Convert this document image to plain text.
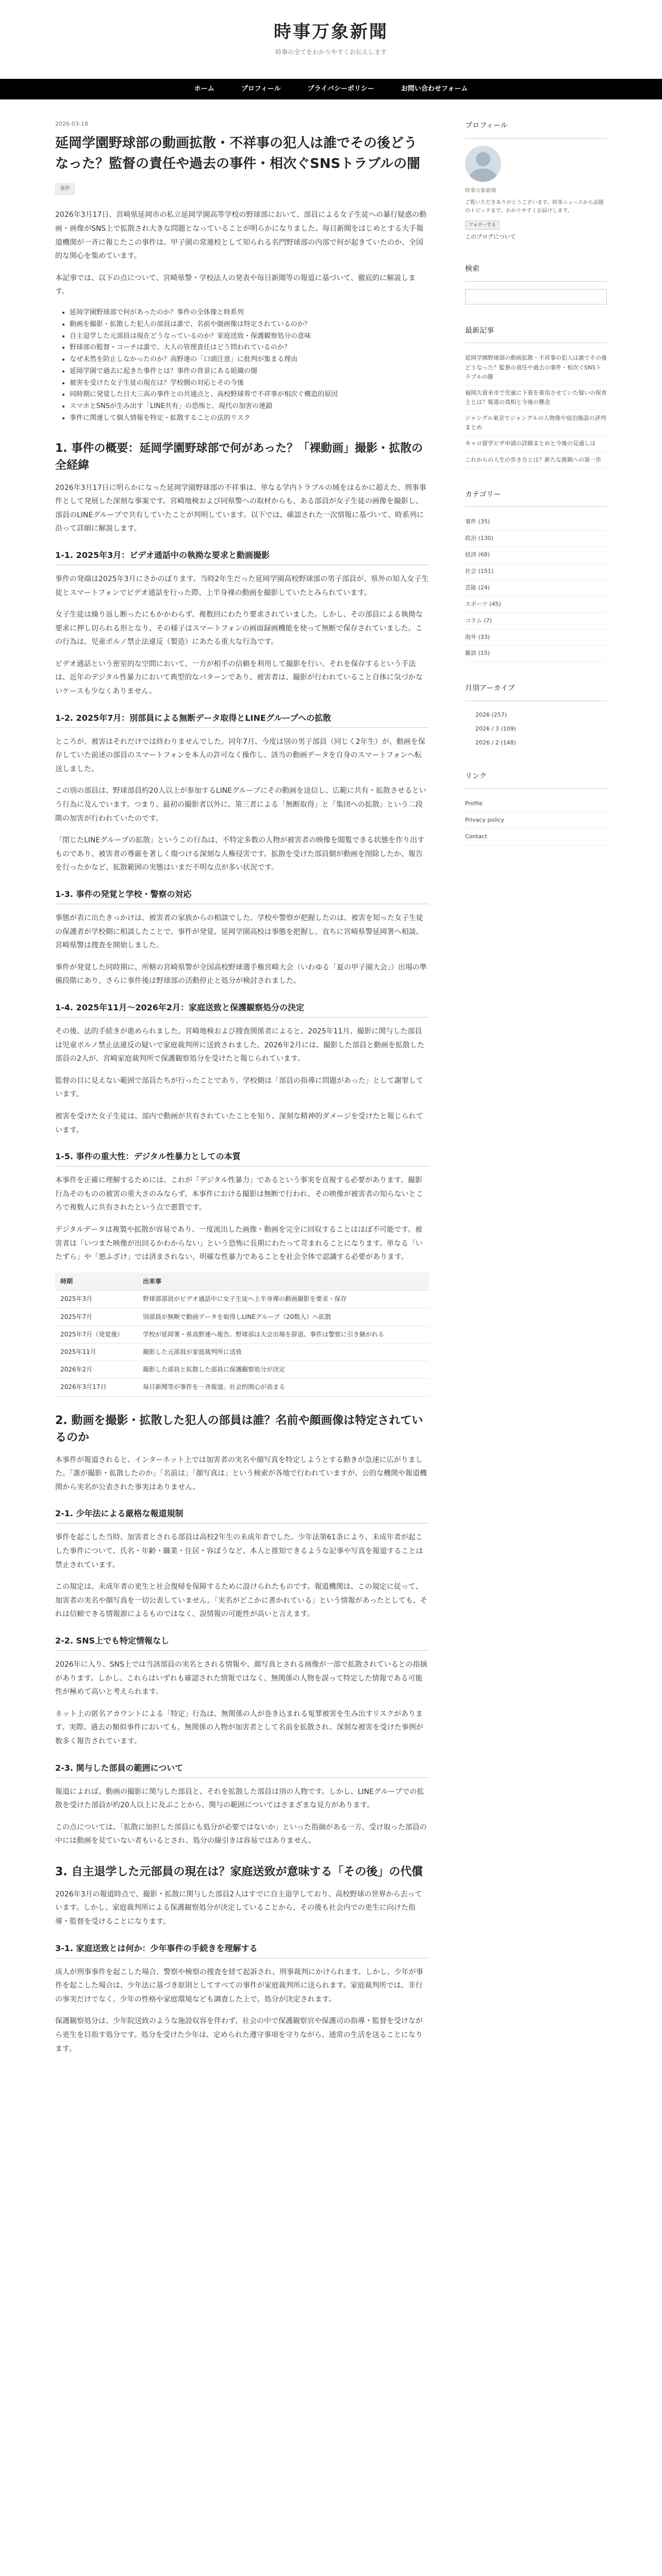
時事万象新聞
時事の全てをわかりやすくお伝えします
ホーム	プロフィール	プライバシーポリシー	お問い合わせフォーム
2026-03-18
延岡学園野球部の動画拡散・不祥事の犯人は誰でその後どうなった？監督の責任や過去の事件・相次ぐSNSトラブルの闇
事件

2026年3月17日、宮崎県延岡市の私立延岡学園高等学校の野球部において、部員による女子生徒への暴行疑惑の動画・画像がSNS上で拡散され大きな問題となっていることが明らかになりました。毎日新聞をはじめとする大手報道機関が一斉に報じたこの事件は、甲子園の常連校として知られる名門野球部の内部で何が起きていたのか、全国的な関心を集めています。

本記事では、以下の点について、宮崎県警・学校法人の発表や毎日新聞等の報道に基づいて、徹底的に解説します。

• 延岡学園野球部で何があったのか？事件の全体像と時系列
• 動画を撮影・拡散した犯人の部員は誰で、名前や顔画像は特定されているのか？
• 自主退学した元部員は現在どうなっているのか？家庭送致・保護観察処分の意味
• 野球部の監督・コーチは誰で、大人の管理責任はどう問われているのか？
• なぜ未然を防止しなかったのか？高野連の「口頭注意」に批判が集まる理由
• 延岡学園で過去に起きた事件とは？事件の背景にある組織の闇
• 被害を受けた女子生徒の現在は？学校側の対応とその今後
• 同時期に発覚した日大三高の事件との共通点と、高校野球界で不祥事が相次ぐ構造的原因
• スマホとSNSが生み出す「LINE共有」の恐怖と、現代の加害の連鎖
• 事件に関連して個人情報を特定・拡散することの法的リスク
1. 事件の概要：延岡学園野球部で何があった？「裸動画」撮影・拡散の全経緯

2026年3月17日に明らかになった延岡学園野球部の不祥事は、単なる学内トラブルの域をはるかに超えた、刑事事件として発展した深刻な事案です。宮崎地検および同県警への取材からも、ある部員が女子生徒の画像を撮影し、部員のLINEグループで共有していたことが判明しています。以下では、確認された一次情報に基づいて、時系列に沿って詳細に解説します。

1-1. 2025年3月：ビデオ通話中の執拗な要求と動画撮影

事件の発端は2025年3月にさかのぼります。当時2年生だった延岡学園高校野球部の男子部員が、県外の知人女子生徒とスマートフォンでビデオ通話を行った際、上半身裸の動画を撮影していたとみられています。

女子生徒は繰り返し断ったにもかかわらず、複数回にわたり要求されていました。しかし、その部員による執拗な要求に押し切られる形となり、その様子はスマートフォンの画面録画機能を使って無断で保存されていました。この行為は、児童ポルノ禁止法違反（製造）にあたる重大な行為です。

ビデオ通話という密室的な空間において、一方が相手の信頼を利用して撮影を行い、それを保存するという手法は、近年のデジタル性暴力において典型的なパターンであり、被害者は、撮影が行われていること自体に気づかないケースも少なくありません。

1-2. 2025年7月：別部員による無断データ取得とLINEグループへの拡散

ところが、被害はそれだけでは終わりませんでした。同年7月、今度は別の男子部員（同じく2年生）が、動画を保存していた前述の部員のスマートフォンを本人の許可なく操作し、該当の動画データを自身のスマートフォンへ転送しました。

この別の部員は、野球部員約20人以上が参加するLINEグループにその動画を送信し、広範に共有・拡散させるという行為に及んでいます。つまり、最初の撮影者以外に、第三者による「無断取得」と「集団への拡散」という二段階の加害が行われていたのです。

「閉じたLINEグループの拡散」というこの行為は、不特定多数の人物が被害者の映像を閲覧できる状態を作り出すものであり、被害者の尊厳を著しく傷つける深刻な人権侵害です。拡散を受けた部員側が動画を削除したか、報告を行ったかなど、拡散範囲の実態はいまだ不明な点が多い状況です。

1-3. 事件の発覚と学校・警察の対応

事態が表に出たきっかけは、被害者の家族からの相談でした。学校や警察が把握したのは、被害を知った女子生徒の保護者が学校側に相談したことで、事件が発覚。延岡学園高校は事態を把握し、直ちに宮崎県警延岡署へ相談。宮崎県警は捜査を開始しました。

事件が発覚した同時期に、所轄の宮崎県警が全国高校野球選手権宮崎大会（いわゆる「夏の甲子園大会」）出場の準備段階にあり、さらに事件後は野球部の活動停止と処分が検討されました。

1-4. 2025年11月〜2026年2月：家庭送致と保護観察処分の決定

その後、法的手続きが進められました。宮崎地検および捜査関係者によると、2025年11月、撮影に関与した部員は児童ポルノ禁止法違反の疑いで家庭裁判所に送致されました。2026年2月には、撮影した部員と動画を拡散した部員の2人が、宮崎家庭裁判所で保護観察処分を受けたと報じられています。

監督の目に見えない範囲で部員たちが行ったことであり、学校側は「部員の指導に問題があった」として謝罪しています。

被害を受けた女子生徒は、部内で動画が共有されていたことを知り、深刻な精神的ダメージを受けたと報じられています。

1-5. 事件の重大性：デジタル性暴力としての本質

本事件を正確に理解するためには、これが「デジタル性暴力」であるという事実を直視する必要があります。撮影行為そのものの被害の重大さのみならず、本事件における撮影は無断で行われ、その映像が被害者の知らないところで複数人に共有されたという点で悪質です。

デジタルデータは複製や拡散が容易であり、一度流出した画像・動画を完全に回収することはほぼ不可能です。被害者は「いつまた映像が出回るかわからない」という恐怖に長期にわたって苛まれることになります。単なる「いたずら」や「悪ふざけ」では済まされない、明確な性暴力であることを社会全体で認識する必要があります。

時期	出来事
2025年3月	野球部部員がビデオ通話中に女子生徒へ上半身裸の動画撮影を要求・保存
2025年7月	別部員が無断で動画データを取得しLINEグループ（20数人）へ拡散
2025年7月（発覚後）	学校が延岡署・県高野連へ報告。野球部は大会出場を辞退、事件は警察に引き継がれる
2025年11月	撮影した元部員が家庭裁判所に送致
2026年2月	撮影した部員と拡散した部員に保護観察処分が決定
2026年3月17日	毎日新聞等が事件を一斉報道。社会的関心が高まる
2. 動画を撮影・拡散した犯人の部員は誰？名前や顔画像は特定されているのか

本事件が報道されると、インターネット上では加害者の実名や顔写真を特定しようとする動きが急速に広がりました。「誰が撮影・拡散したのか」「名前は」「顔写真は」という検索が各地で行われていますが、公的な機関や報道機関から実名が公表された事実はありません。

2-1. 少年法による厳格な報道規制

事件を起こした当時、加害者とされる部員は高校2年生の未成年者でした。少年法第61条により、未成年者が起こした事件について、氏名・年齢・職業・住居・容ぼうなど、本人と推知できるような記事や写真を報道することは禁止されています。

この規定は、未成年者の更生と社会復帰を保障するために設けられたものです。報道機関は、この規定に従って、加害者の実名や顔写真を一切公表していません。「実名がどこかに書かれている」という情報があったとしても、それは信頼できる情報源によるものではなく、誤情報の可能性が高いと言えます。

2-2. SNS上でも特定情報なし

2026年に入り、SNS上では当該部員の実名とされる情報や、顔写真とされる画像が一部で拡散されているとの指摘があります。しかし、これらはいずれも確認された情報ではなく、無関係の人物を誤って特定した情報である可能性が極めて高いと考えられます。

ネット上の匿名アカウントによる「特定」行為は、無関係の人が巻き込まれる冤罪被害を生み出すリスクがあります。実際、過去の類似事件においても、無関係の人物が加害者として名前を拡散され、深刻な被害を受けた事例が数多く報告されています。

2-3. 関与した部員の範囲について

報道によれば、動画の撮影に関与した部員と、それを拡散した部員は別の人物です。しかし、LINEグループでの拡散を受けた部員が約20人以上に及ぶことから、関与の範囲についてはさまざまな見方があります。

この点については、「拡散に加担した部員にも処分が必要ではないか」といった指摘がある一方、受け取った部員の中には動画を見ていない者もいるとされ、処分の線引きは容易ではありません。

3. 自主退学した元部員の現在は？家庭送致が意味する「その後」の代償

2026年3月の報道時点で、撮影・拡散に関与した部員2人はすでに自主退学しており、高校野球の世界から去っています。しかし、家庭裁判所による保護観察処分が決定していることから、その後も社会内での更生に向けた指導・監督を受けることになります。

3-1. 家庭送致とは何か：少年事件の手続きを理解する

成人が刑事事件を起こした場合、警察や検察の捜査を経て起訴され、刑事裁判にかけられます。しかし、少年が事件を起こした場合は、少年法に基づき原則としてすべての事件が家庭裁判所に送られます。家庭裁判所では、非行の事実だけでなく、少年の性格や家庭環境なども調査した上で、処分が決定されます。

保護観察処分は、少年院送致のような施設収容を伴わず、社会の中で保護観察官や保護司の指導・監督を受けながら更生を目指す処分です。処分を受けた少年は、定められた遵守事項を守りながら、通常の生活を送ることになります。

プロフィール
時事万象新聞
ご覧いただきありがとうございます。時事ニュースから話題のトピックまで、わかりやすくお届けします。
フォローする
このブログについて
検索
最新記事
延岡学園野球部の動画拡散・不祥事の犯人は誰でその後どうなった？監督の責任や過去の事件・相次ぐSNSトラブルの闇
福岡久留米市で児童に下着を着用させていた疑いの保育士とは？報道の真相と今後の懸念
ジャングル東京でジャングルの人物像や宿泊施設の評判まとめ
キャロ留学ビザ申請の詳細まとめと今後の見通しは
これからの人生の歩き方とは？新たな挑戦への第一歩
カテゴリー
事件 (35)
政治 (130)
経済 (68)
社会 (151)
芸能 (24)
スポーツ (45)
コラム (7)
海外 (33)
雑談 (15)
月別アーカイブ
2026 (257)
2026 / 3 (109)
2026 / 2 (148)
リンク
Profile
Privacy policy
Contact
